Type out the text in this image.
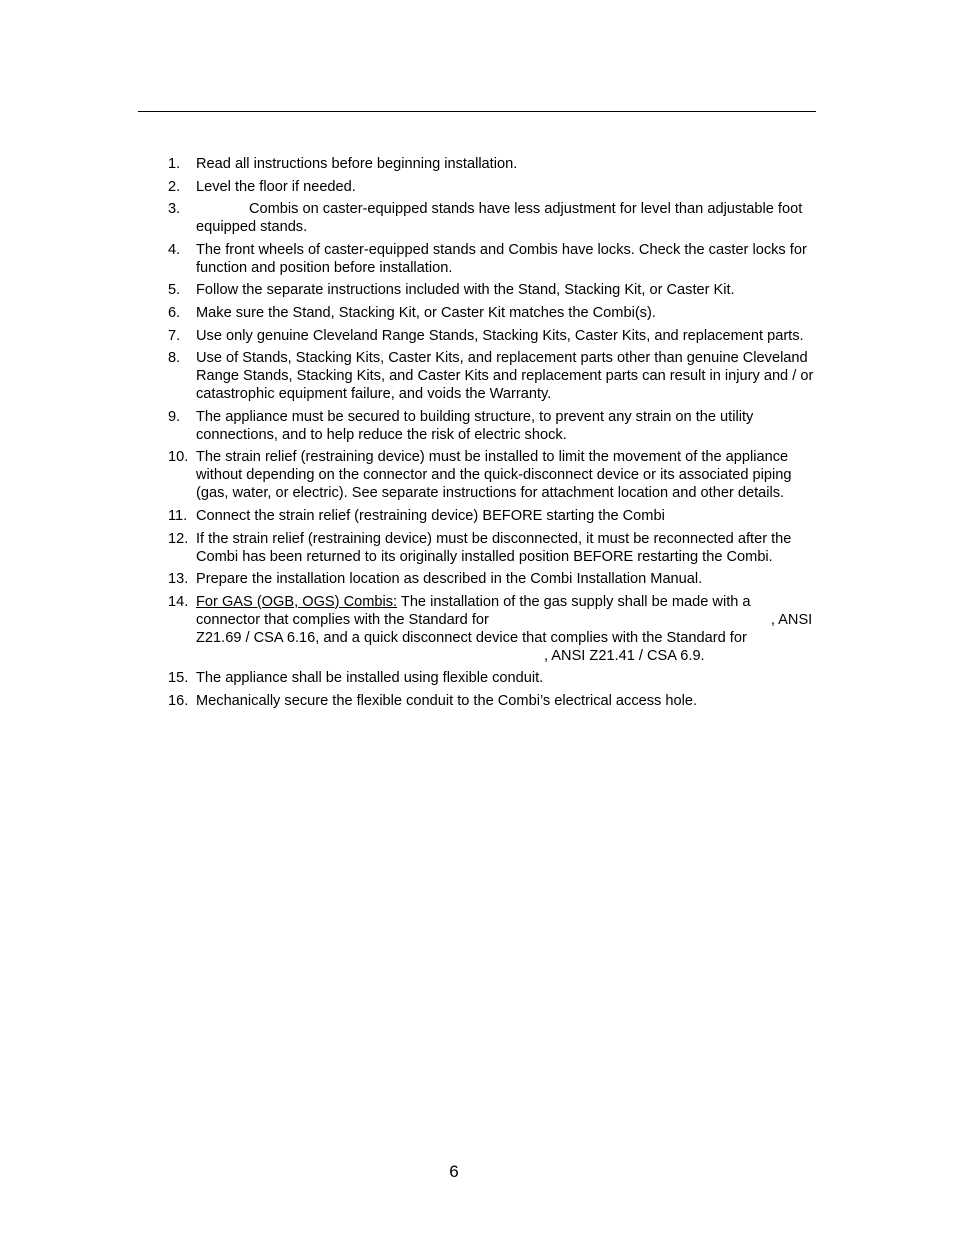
1. Read all instructions before beginning installation.
2. Level the floor if needed.
3.	Combis on caster-equipped stands have less adjustment for level than adjustable foot equipped stands.
4. The front wheels of caster-equipped stands and Combis have locks. Check the caster locks for function and position before installation.
5. Follow the separate instructions included with the Stand, Stacking Kit, or Caster Kit.
6. Make sure the Stand, Stacking Kit, or Caster Kit matches the Combi(s).
7. Use only genuine Cleveland Range Stands, Stacking Kits, Caster Kits, and replacement parts.
8. Use of Stands, Stacking Kits, Caster Kits, and replacement parts other than genuine Cleveland Range Stands, Stacking Kits, and Caster Kits and replacement parts can result in injury and / or catastrophic equipment failure, and voids the Warranty.
9. The appliance must be secured to building structure, to prevent any strain on the utility connections, and to help reduce the risk of electric shock.
10. The strain relief (restraining device) must be installed to limit the movement of the appliance without depending on the connector and the quick-disconnect device or its associated piping (gas, water, or electric). See separate instructions for attachment location and other details.
11. Connect the strain relief (restraining device) BEFORE starting the Combi
12. If the strain relief (restraining device) must be disconnected, it must be reconnected after the Combi has been returned to its originally installed position BEFORE restarting the Combi.
13. Prepare the installation location as described in the Combi Installation Manual.
14. For GAS (OGB, OGS) Combis: The installation of the gas supply shall be made with a connector that complies with the Standard for	, ANSI Z21.69 / CSA 6.16, and a quick disconnect device that complies with the Standard for, ANSI Z21.41 / CSA 6.9.
15. The appliance shall be installed using flexible conduit.
16. Mechanically secure the flexible conduit to the Combi’s electrical access hole.
6
